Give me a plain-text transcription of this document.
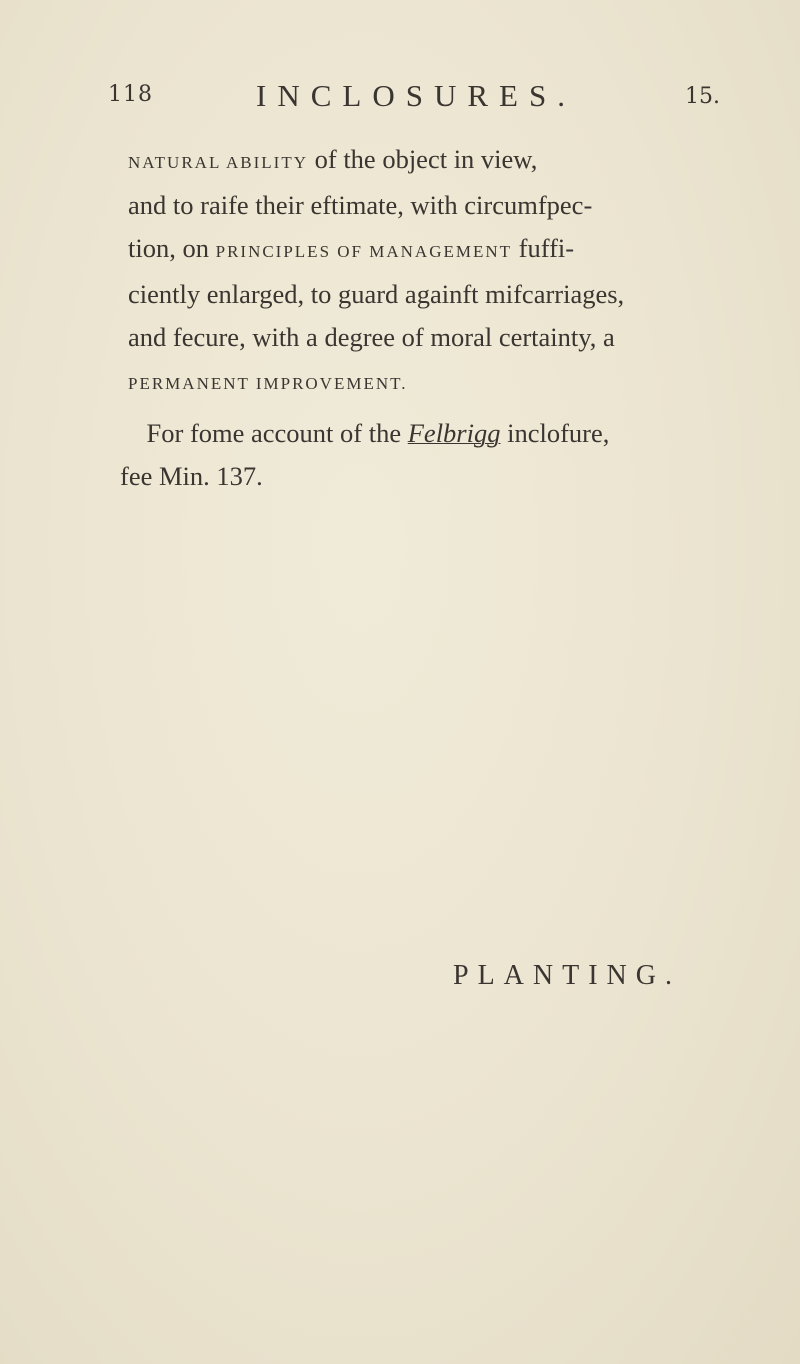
118	INCLOSURES.	15.
NATURAL ABILITY of the object in view,
and to raife their eftimate, with circumfpec-
tion, on PRINCIPLES OF MANAGEMENT fuffi-
ciently enlarged, to guard againft mifcarriages,
and fecure, with a degree of moral certainty, a
PERMANENT IMPROVEMENT.
 For fome account of the Felbrigg inclofure,
fee Min. 137.
PLANTING.
